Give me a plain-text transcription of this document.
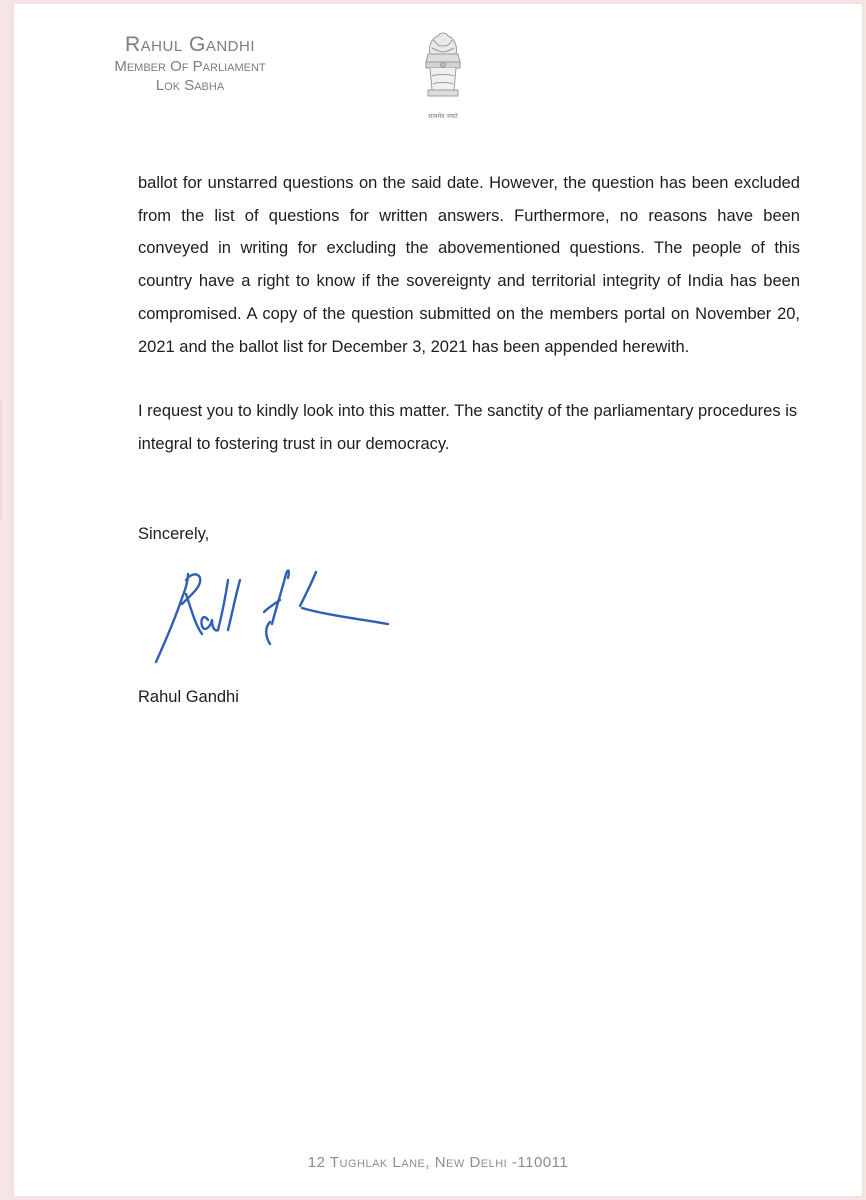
Rahul Gandhi
Member Of Parliament
Lok Sabha
सत्यमेव जयते

ballot for unstarred questions on the said date. However, the question has been excluded from the list of questions for written answers. Furthermore, no reasons have been conveyed in writing for excluding the abovementioned questions. The people of this country have a right to know if the sovereignty and territorial integrity of India has been compromised. A copy of the question submitted on the members portal on November 20, 2021 and the ballot list for December 3, 2021 has been appended herewith.

I request you to kindly look into this matter. The sanctity of the parliamentary procedures is integral to fostering trust in our democracy.

Sincerely,
Rahul Gandhi
12 Tughlak Lane, New Delhi -110011
